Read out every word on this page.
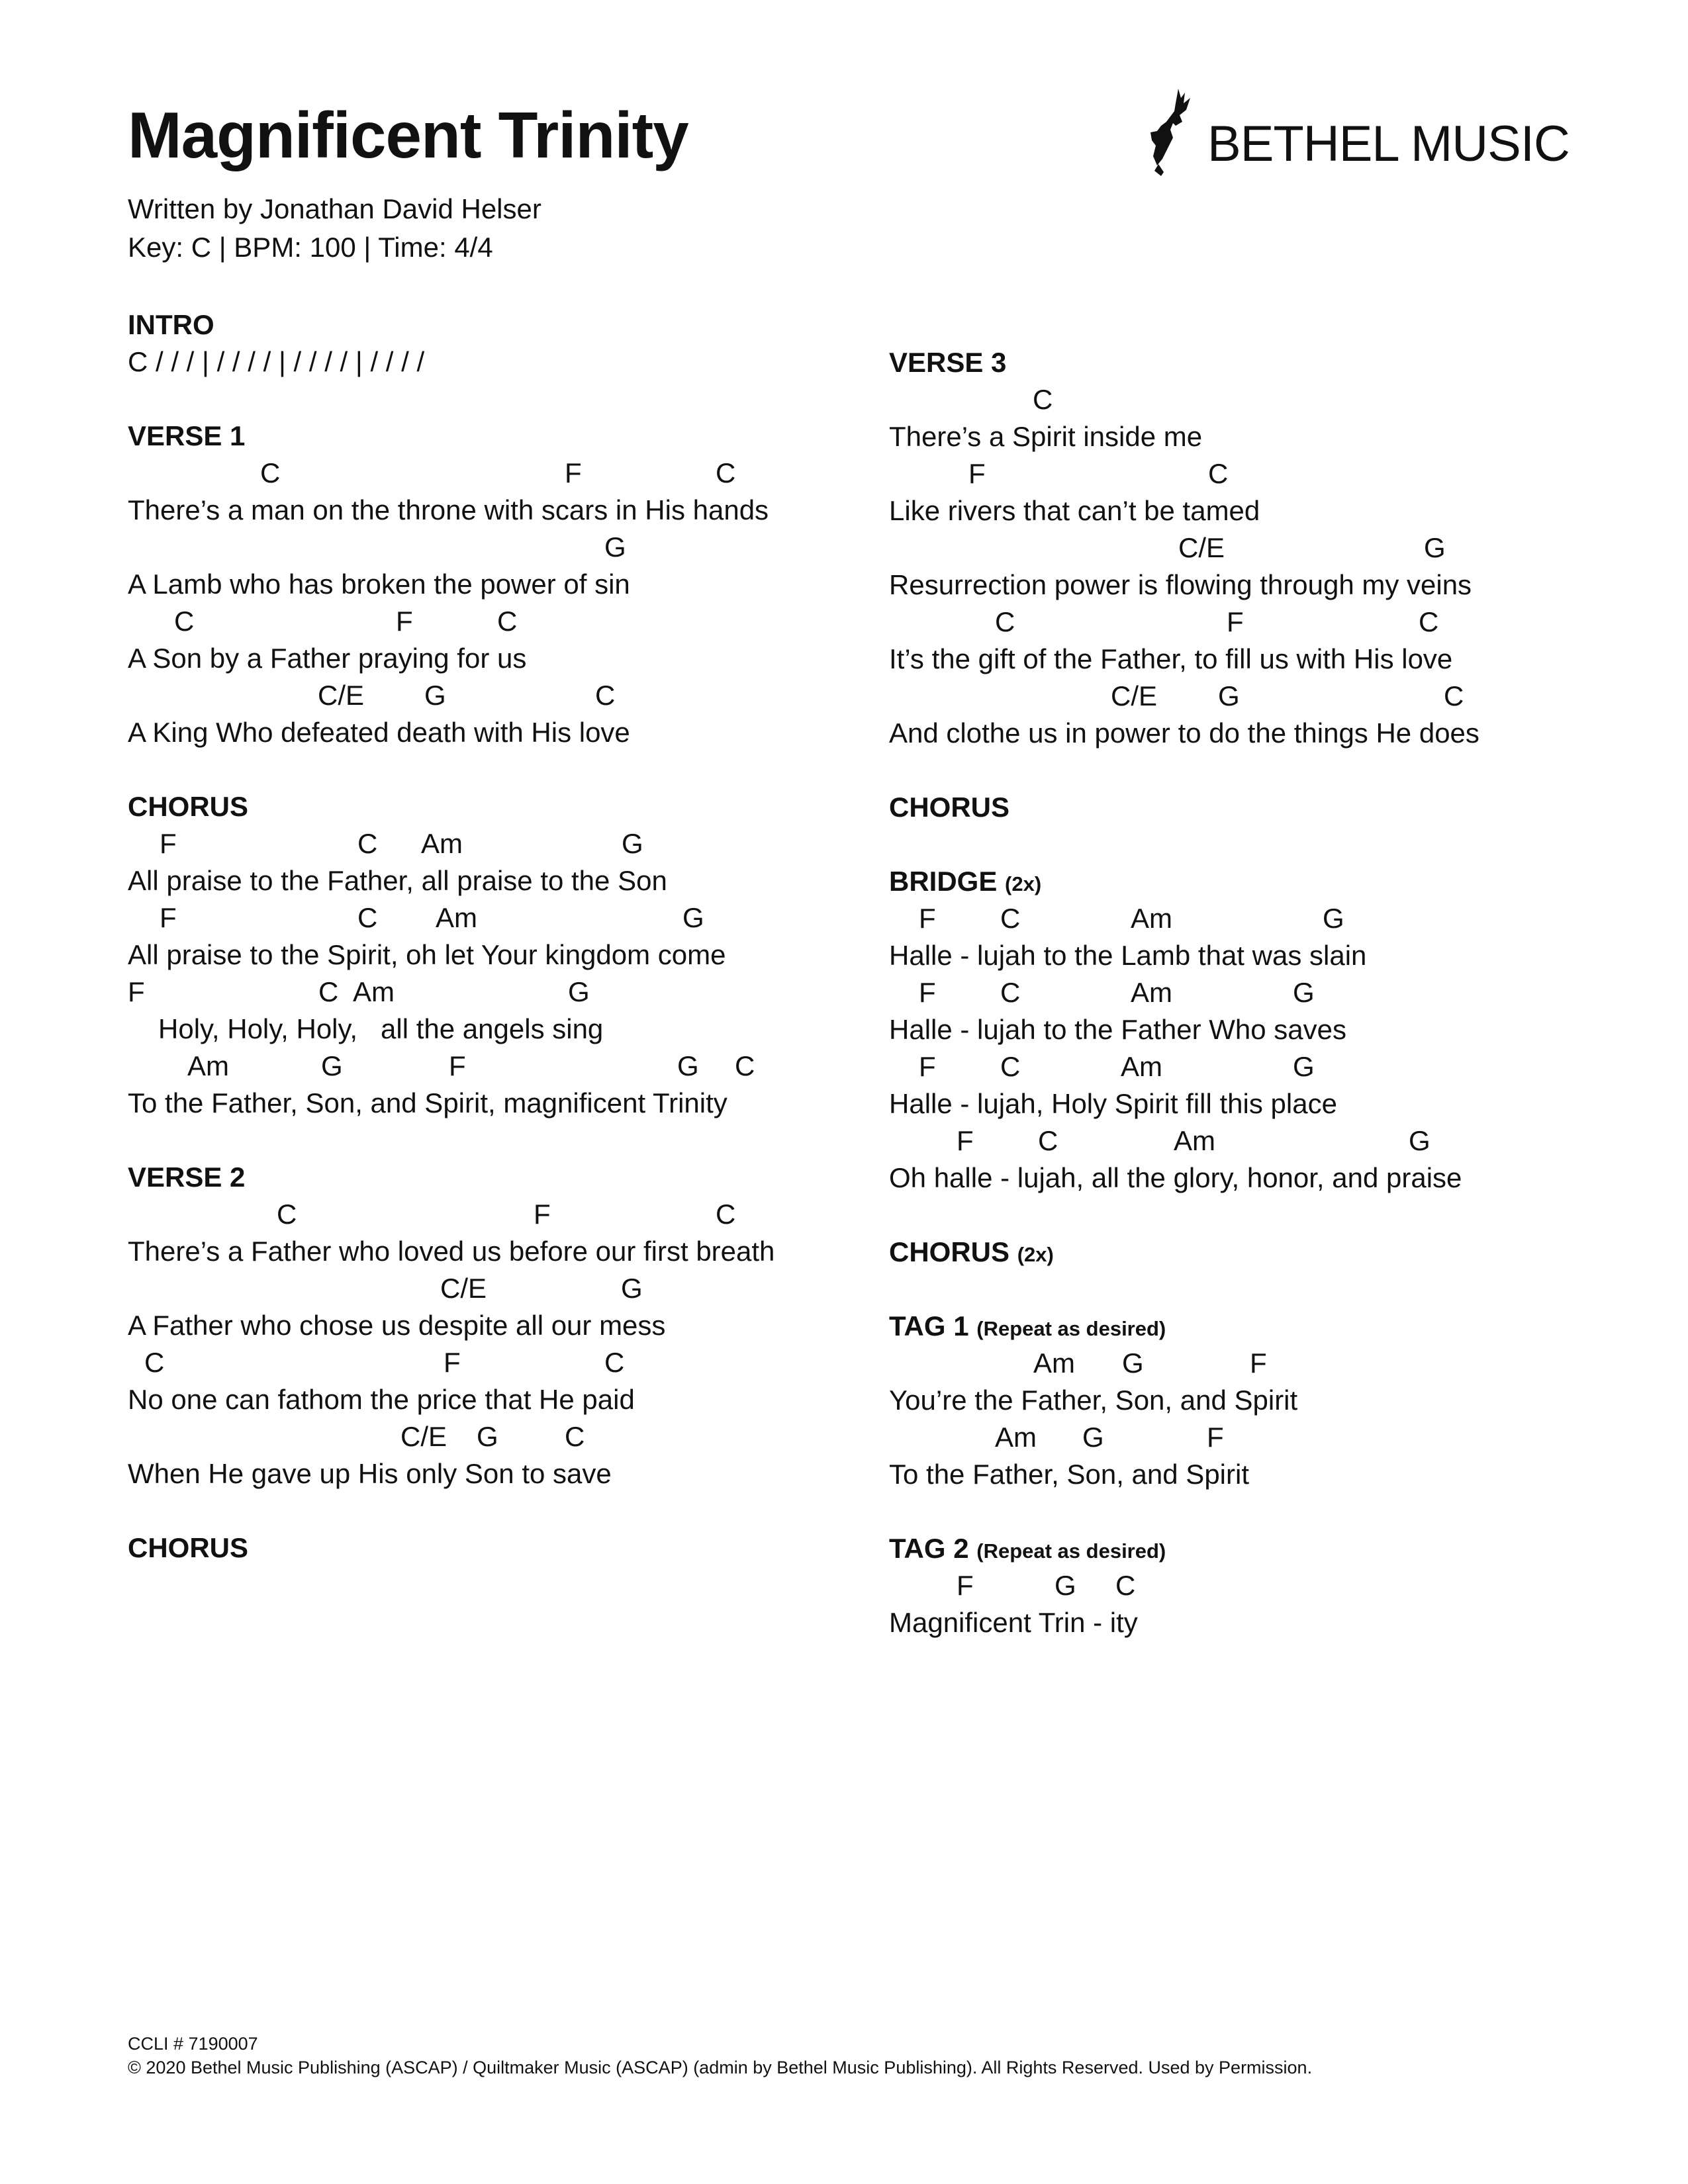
Magnificent Trinity
Written by Jonathan David Helser
Key: C | BPM: 100 | Time: 4/4
BETHEL MUSIC
INTRO
C / / / | / / / / | / / / / | / / / /
VERSE 1

C

	F

	C

There’s a man on the throne with scars in His hands

G

A Lamb who has broken the power of sin

C

	F

	C

A Son by a Father praying for us

C/E

G

	C

A King Who defeated death with His love
CHORUS

F

	C

Am

	G

All praise to the Father, all praise to the Son

F

	C

Am

	G

All praise to the Spirit, oh let Your kingdom come

F

	C

Am

	G

Holy, Holy, Holy,   all the angels sing

Am

	G

	F

	G

C

To the Father, Son, and Spirit, magnificent Trinity
VERSE 2

C

	F

	C

There’s a Father who loved us before our first breath

C/E

	G

A Father who chose us despite all our mess

C

	F

	C

No one can fathom the price that He paid

C/E

G

C

When He gave up His only Son to save
CHORUS
VERSE 3

C

There’s a Spirit inside me

F

	C

Like rivers that can’t be tamed

C/E

	G

Resurrection power is flowing through my veins

C

	F

	C

It’s the gift of the Father, to fill us with His love

C/E

G

	C

And clothe us in power to do the things He does
CHORUS
BRIDGE (2x)

F

C

	Am

	G

Halle - lujah to the Lamb that was slain

F

C

	Am

	G

Halle - lujah to the Father Who saves

F

C

	Am

	G

Halle - lujah, Holy Spirit fill this place

F

C

	Am

	G

Oh halle - lujah, all the glory, honor, and praise
CHORUS (2x)
TAG 1 (Repeat as desired)

Am

G

	F

You’re the Father, Son, and Spirit

Am

G

	F

To the Father, Son, and Spirit
TAG 2 (Repeat as desired)

F

	G

C

Magnificent Trin - ity
CCLI # 7190007
© 2020 Bethel Music Publishing (ASCAP) / Quiltmaker Music (ASCAP) (admin by Bethel Music Publishing). All Rights Reserved. Used by Permission.
